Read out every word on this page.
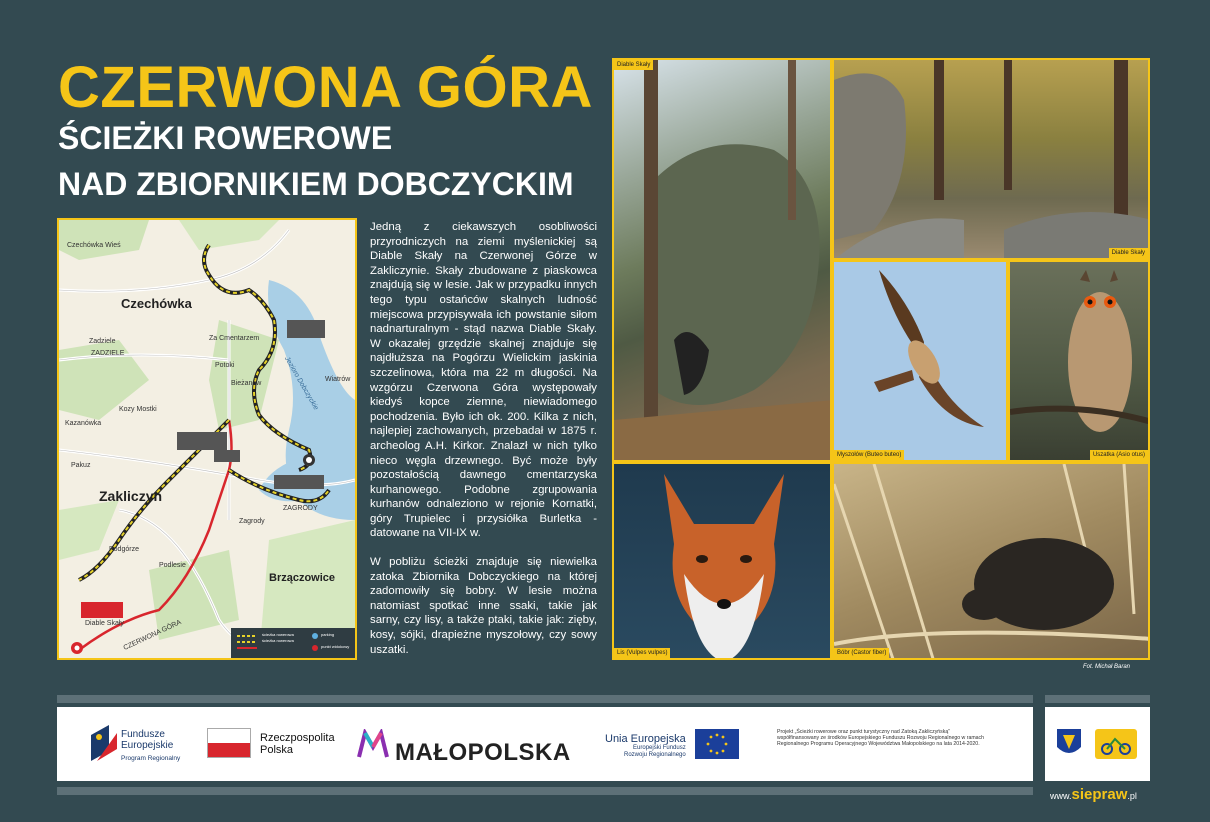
CZERWONA GÓRA
ŚCIEŻKI ROWEROWE
NAD ZBIORNIKIEM DOBCZYCKIM
Czechówka
Zakliczyn
Brzączowice
Czechówka Wieś
Zadziele
ZADZIELE
Za Cmentarzem
Potoki
Bieżanów
Pakuz
Zagrody
ZAGRODY
Podlesie
Podgórze
Wiatrów
Diable Skały
Kozy Mostki
Kazanówka
CZERWONA GÓRA
Jezioro Dobczyckie
ścieżka rowerowa
ścieżka rowerowa
parking
punkt widokowy

Jedną z ciekawszych osobliwości przyrodniczych na ziemi myślenickiej są Diable Skały na Czerwonej Górze w Zakliczynie. Skały zbudowane z piaskowca znajdują się w lesie. Jak w przypadku innych tego typu ostańców skalnych ludność miejscowa przypisywała ich powstanie siłom nadnarturalnym - stąd nazwa Diable Skały. W okazałej grzędzie skalnej znajduje się najdłuższa na Pogórzu Wielickim jaskinia szczelinowa, która ma 22 m długości. Na wzgórzu Czerwona Góra występowały kiedyś kopce ziemne, niewiadomego pochodzenia. Było ich ok. 200. Kilka z nich, najlepiej zachowanych, przebadał w 1875 r. archeolog A.H. Kirkor. Znalazł w nich tylko nieco węgla drzewnego. Być może były pozostałością dawnego cmentarzyska kurhanowego. Podobne zgrupowania kurhanów odnaleziono w rejonie Kornatki, góry Trupielec i przysiółka Burletka - datowane na VII-IX w.

W pobliżu ścieżki znajduje się niewielka zatoka Zbiornika Dobczyckiego na której zadomowiły się bobry. W lesie można natomiast spotkać inne ssaki, takie jak sarny, czy lisy, a także ptaki, takie jak: zięby, kosy, sójki, drapieżne myszołowy, czy sowy uszatki.

Diable Skały
Diable Skały
Myszołów (Buteo buteo)	Uszatka (Asio otus)
Lis (Vulpes vulpes)	Bóbr (Castor fiber)
Fot. Michał Baran
Fundusze
Europejskie
Program Regionalny
Rzeczpospolita
Polska	MAŁOPOLSKA	Unia Europejska
Europejski Fundusz
Rozwoju Regionalnego
Projekt „Ścieżki rowerowe oraz punkt turystyczny nad Zatoką Zakliczyńską” współfinansowany ze środków Europejskiego Funduszu Rozwoju Regionalnego w ramach Regionalnego Programu Operacyjnego Województwa Małopolskiego na lata 2014-2020.
www.siepraw.pl
